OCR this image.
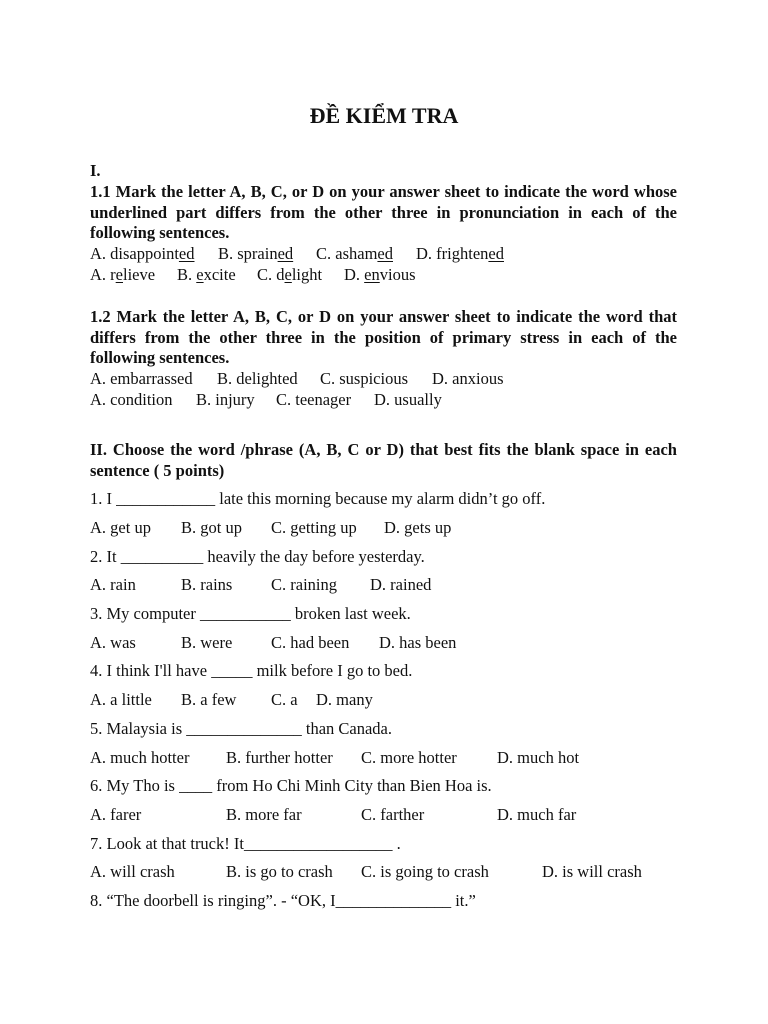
ĐỀ KIỂM TRA
I.
1.1 Mark the letter A, B, C, or D on your answer sheet to indicate the word whose underlined part differs from the other three in pronunciation in each of the following sentences.
A. disappointed B. sprained C. ashamed D. frightened
A. relieve B. excite C. delight D. envious
1.2 Mark the letter A, B, C, or D on your answer sheet to indicate the word that differs from the other three in the position of primary stress in each of the following sentences.
A. embarrassed B. delighted C. suspicious D. anxious
A. condition B. injury C. teenager D. usually
II. Choose the word /phrase (A, B, C or D) that best fits the blank space in each sentence ( 5 points)
1. I ____________ late this morning because my alarm didn’t go off.
A. get up B. got up C. getting up D. gets up
2. It __________ heavily the day before yesterday.
A. rain	B. rains C. raining D. rained
3. My computer ___________ broken last week.
A. was	B. were C. had been D. has been
4. I think I'll have _____ milk before I go to bed.
A. a little B. a few C. a D. many
5. Malaysia is ______________ than Canada.
A. much hotter B. further hotter C. more hotter D. much hot
6. My Tho is ____ from Ho Chi Minh City than Bien Hoa is.
A. farer	B. more far	C. farther	D. much far
7. Look at that truck! It__________________ .
A. will crash	B. is go to crash C. is going to crash	D. is will crash
8. “The doorbell is ringing”. - “OK, I______________ it.”
